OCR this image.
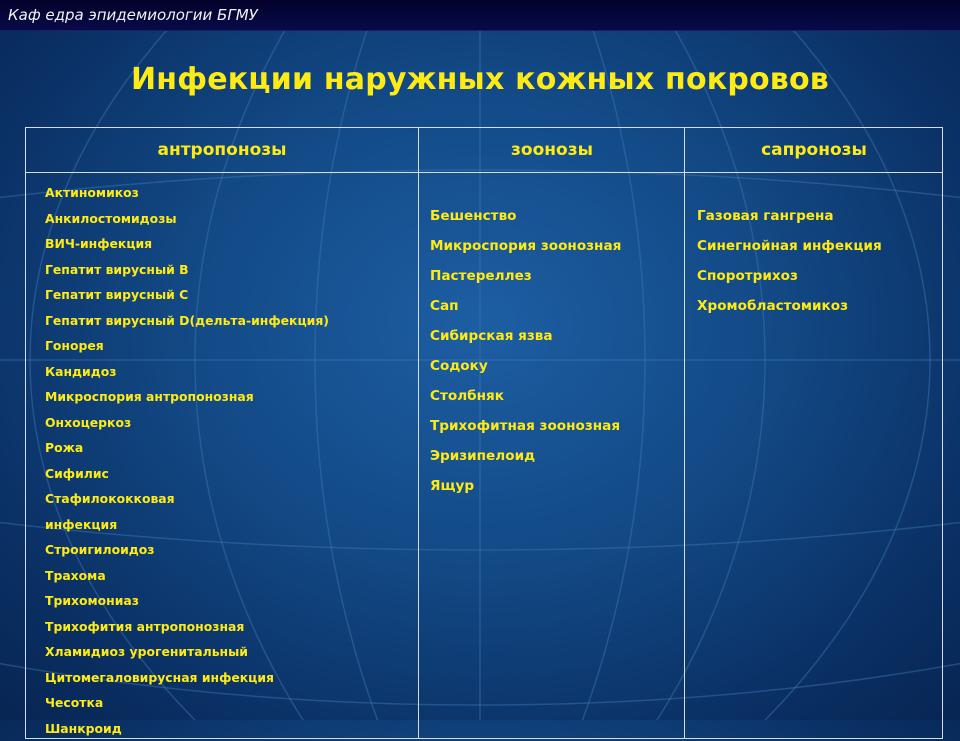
Каф едра эпидемиологии БГМУ
Инфекции наружных кожных покровов
антропонозы
Актиномикоз
Анкилостомидозы
ВИЧ-инфекция
Гепатит вирусный В
Гепатит вирусный С
Гепатит вирусный D(дельта-инфекция)
Гонорея
Кандидоз
Микроспория антропонозная
Онхоцеркоз
Рожа
Сифилис
Стафилококковая
инфекция
Строигилоидоз
Трахома
Трихомониаз
Трихофития антропонозная
Хламидиоз урогенитальный
Цитомегаловирусная инфекция
Чесотка
Шанкроид
зоонозы
Бешенство
Микроспория зоонозная
Пастереллез
Сап
Сибирская язва
Содоку
Столбняк
Трихофитная зоонозная
Эризипелоид
Ящур
сапронозы
Газовая гангрена
Синегнойная инфекция
Споротрихоз
Хромобластомикоз
